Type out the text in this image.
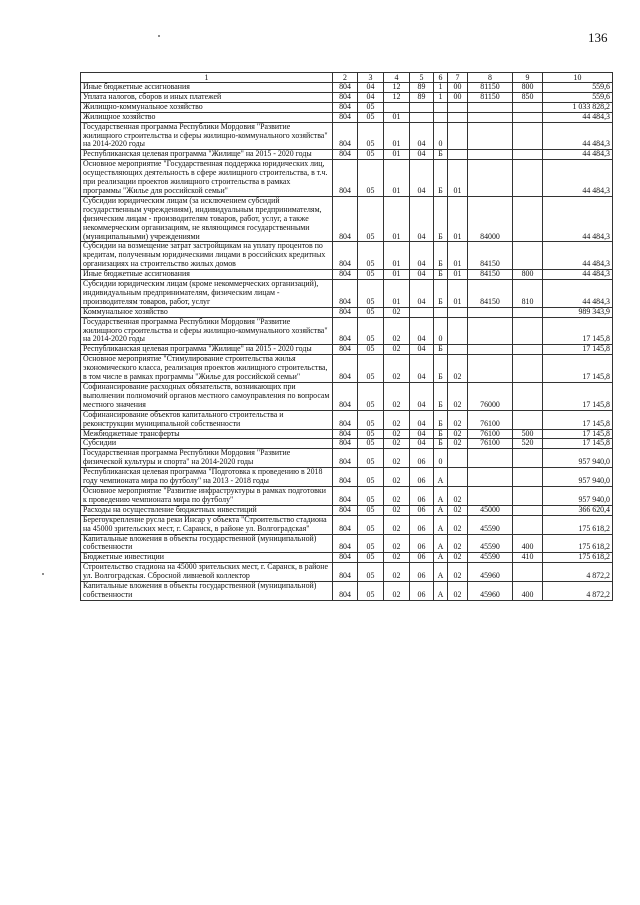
136
1	2	3	4	5	6	7	8	9	10
Иные бюджетные ассигнования	804	04	12	89	1	00	81150	800	559,6
Уплата налогов, сборов и иных платежей	804	04	12	89	1	00	81150	850	559,6
Жилищно-коммунальное хозяйство	804	05							1 033 828,2
Жилищное хозяйство	804	05	01						44 484,3
Государственная программа Республики Мордовия "Развитие жилищного строительства и сферы жилищно-коммунального хозяйства" на 2014-2020 годы	804	05	01	04	0				44 484,3
Республиканская целевая программа "Жилище" на 2015 - 2020 годы	804	05	01	04	Б				44 484,3
Основное мероприятие "Государственная поддержка юридических лиц, осуществляющих деятельность в сфере жилищного строительства, в т.ч. при реализации проектов жилищного строительства в рамках программы "Жилье для российской семьи"	804	05	01	04	Б	01			44 484,3
Субсидии юридическим лицам (за исключением субсидий государственным учреждениям), индивидуальным предпринимателям, физическим лицам - производителям товаров, работ, услуг, а также некоммерческим организациям, не являющимся государственными (муниципальными) учреждениями	804	05	01	04	Б	01	84000		44 484,3
Субсидии на возмещение затрат застройщикам на уплату процентов по кредитам, полученным юридическими лицами в российских кредитных организациях на строительство жилых домов	804	05	01	04	Б	01	84150		44 484,3
Иные бюджетные ассигнования	804	05	01	04	Б	01	84150	800	44 484,3
Субсидии юридическим лицам (кроме некоммерческих организаций), индивидуальным предпринимателям, физическим лицам - производителям товаров, работ, услуг	804	05	01	04	Б	01	84150	810	44 484,3
Коммунальное хозяйство	804	05	02						989 343,9
Государственная программа Республики Мордовия "Развитие жилищного строительства и сферы жилищно-коммунального хозяйства" на 2014-2020 годы	804	05	02	04	0				17 145,8
Республиканская целевая программа "Жилище" на 2015 - 2020 годы	804	05	02	04	Б				17 145,8
Основное мероприятие "Стимулирование строительства жилья экономического класса, реализация проектов жилищного строительства, в том числе в рамках программы "Жилье для российской семьи"	804	05	02	04	Б	02			17 145,8
Софинансирование расходных обязательств, возникающих при выполнении полномочий органов местного самоуправления по вопросам местного значения	804	05	02	04	Б	02	76000		17 145,8
Софинансирование объектов капитального строительства и реконструкции муниципальной собственности	804	05	02	04	Б	02	76100		17 145,8
Межбюджетные трансферты	804	05	02	04	Б	02	76100	500	17 145,8
Субсидии	804	05	02	04	Б	02	76100	520	17 145,8
Государственная программа Республики Мордовия "Развитие физической культуры и спорта" на 2014-2020 годы	804	05	02	06	0				957 940,0
Республиканская целевая программа "Подготовка к проведению в 2018 году чемпионата мира по футболу" на 2013 - 2018 годы	804	05	02	06	А				957 940,0
Основное мероприятие "Развитие инфраструктуры в рамках подготовки к проведению чемпионата мира по футболу"	804	05	02	06	А	02			957 940,0
Расходы на осуществление бюджетных инвестиций	804	05	02	06	А	02	45000		366 620,4
Берегоукрепление русла реки Инсар у объекта "Строительство стадиона на 45000 зрительских мест, г. Саранск, в районе ул. Волгоградская"	804	05	02	06	А	02	45590		175 618,2
Капитальные вложения в объекты государственной (муниципальной) собственности	804	05	02	06	А	02	45590	400	175 618,2
Бюджетные инвестиции	804	05	02	06	А	02	45590	410	175 618,2
Строительство стадиона на 45000 зрительских мест, г. Саранск, в районе ул. Волгоградская. Сбросной ливневой коллектор	804	05	02	06	А	02	45960		4 872,2
Капитальные вложения в объекты государственной (муниципальной) собственности	804	05	02	06	А	02	45960	400	4 872,2
